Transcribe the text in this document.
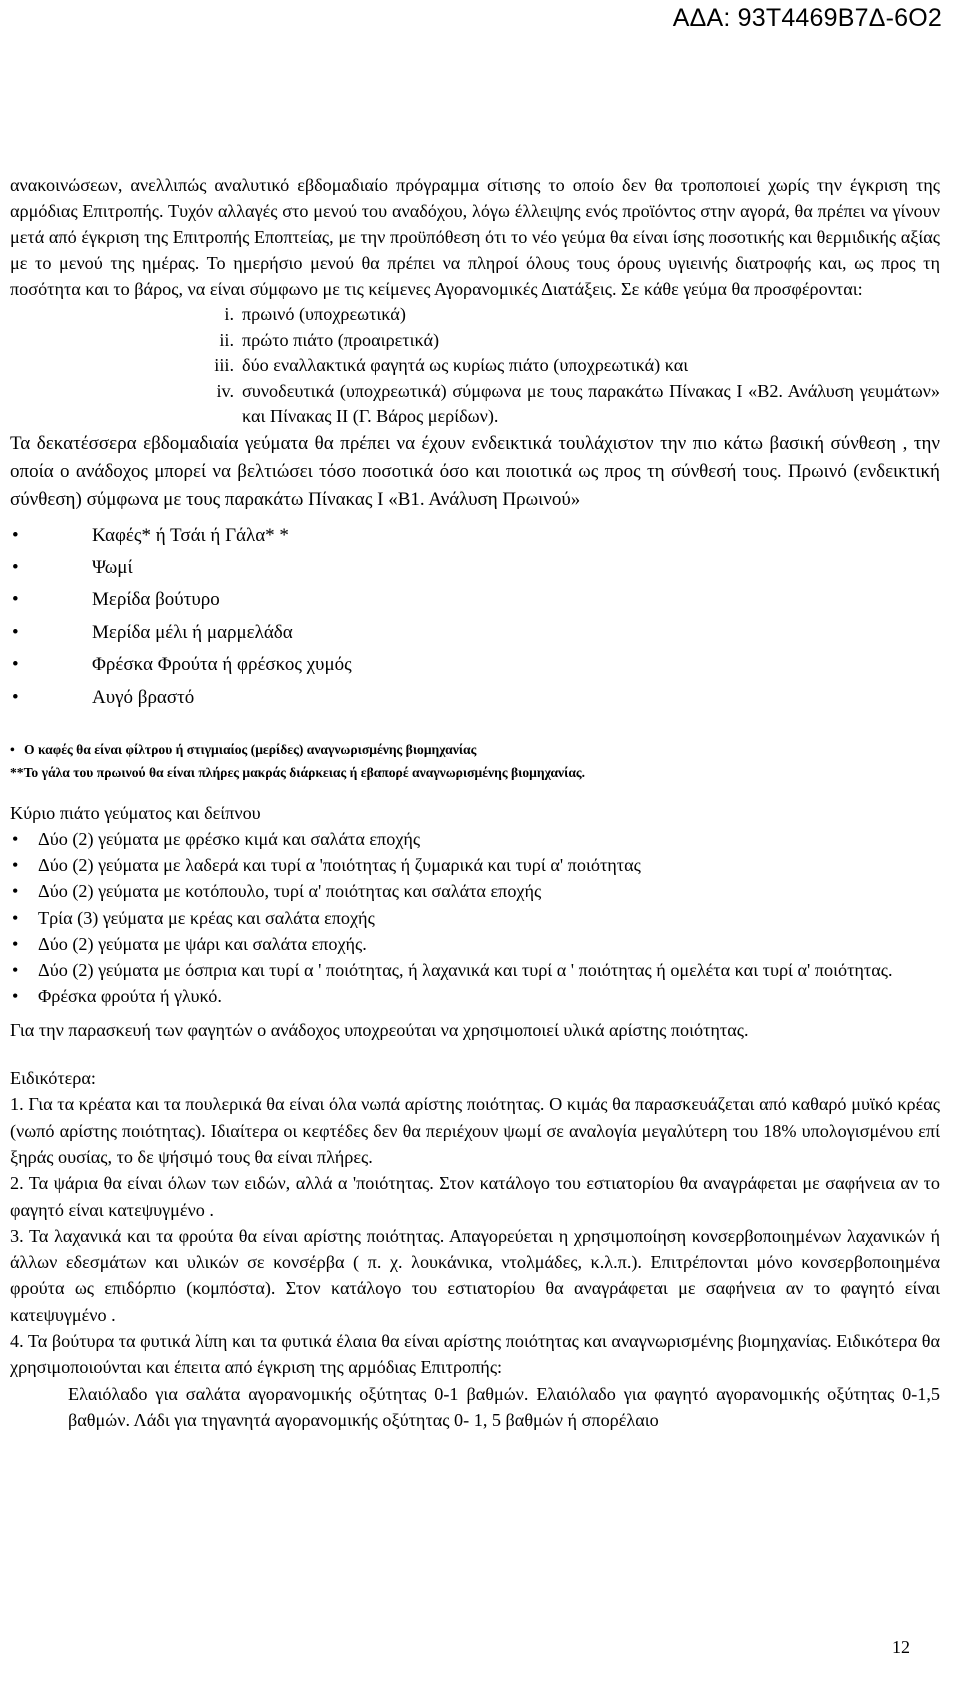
ΑΔΑ: 93Τ4469Β7Δ-6Ο2

ανακοινώσεων, ανελλιπώς αναλυτικό εβδομαδιαίο πρόγραμμα σίτισης το οποίο δεν θα τροποποιεί χωρίς την έγκριση της αρμόδιας Επιτροπής. Τυχόν αλλαγές στο μενού του αναδόχου, λόγω έλλειψης ενός προϊόντος στην αγορά, θα πρέπει να γίνουν μετά από έγκριση της Επιτροπής Εποπτείας, με την προϋπόθεση ότι το νέο γεύμα θα είναι ίσης ποσοτικής και θερμιδικής αξίας με το μενού της ημέρας. Το ημερήσιο μενού θα πρέπει να πληροί όλους τους όρους υγιεινής διατροφής και, ως προς τη ποσότητα και το βάρος, να είναι σύμφωνο με τις κείμενες Αγορανομικές Διατάξεις. Σε κάθε γεύμα θα προσφέρονται:

i. πρωινό (υποχρεωτικά)
ii. πρώτο πιάτο (προαιρετικά)
iii. δύο εναλλακτικά φαγητά ως κυρίως πιάτο (υποχρεωτικά) και
iv. συνοδευτικά (υποχρεωτικά) σύμφωνα με τους παρακάτω Πίνακας Ι «Β2. Ανάλυση γευμάτων» και Πίνακας ΙΙ (Γ. Βάρος μερίδων).

Τα δεκατέσσερα εβδομαδιαία γεύματα θα πρέπει να έχουν ενδεικτικά τουλάχιστον την πιο κάτω βασική σύνθεση , την οποία ο ανάδοχος μπορεί να βελτιώσει τόσο ποσοτικά όσο και ποιοτικά ως προς τη σύνθεσή τους. Πρωινό (ενδεικτική σύνθεση) σύμφωνα με τους παρακάτω Πίνακας Ι «Β1. Ανάλυση Πρωινού»

•	Καφές* ή Τσάι ή Γάλα* *
•	Ψωμί
•	Μερίδα βούτυρο
•	Μερίδα μέλι ή μαρμελάδα
•	Φρέσκα Φρούτα ή φρέσκος χυμός
•	Αυγό βραστό
• Ο καφές θα είναι φίλτρου ή στιγμιαίος (μερίδες) αναγνωρισμένης βιομηχανίας
**Το γάλα του πρωινού θα είναι πλήρες μακράς διάρκειας ή εβαπορέ αναγνωρισμένης βιομηχανίας.
Κύριο πιάτο γεύματος και δείπνου
• Δύο (2) γεύματα με φρέσκο κιμά και σαλάτα εποχής
• Δύο (2) γεύματα με λαδερά και τυρί α 'ποιότητας ή ζυμαρικά και τυρί α' ποιότητας
• Δύο (2) γεύματα με κοτόπουλο, τυρί α' ποιότητας και σαλάτα εποχής
• Τρία (3) γεύματα με κρέας και σαλάτα εποχής
• Δύο (2) γεύματα με ψάρι και σαλάτα εποχής.
•	Δύο (2) γεύματα με όσπρια και τυρί α ' ποιότητας, ή λαχανικά και τυρί α ' ποιότητας ή ομελέτα και τυρί α' ποιότητας.
• Φρέσκα φρούτα ή γλυκό.
Για την παρασκευή των φαγητών ο ανάδοχος υποχρεούται να χρησιμοποιεί υλικά αρίστης ποιότητας.
Ειδικότερα:

1. Για τα κρέατα και τα πουλερικά θα είναι όλα νωπά αρίστης ποιότητας. Ο κιμάς θα παρασκευάζεται από καθαρό μυϊκό κρέας (νωπό αρίστης ποιότητας). Ιδιαίτερα οι κεφτέδες δεν θα περιέχουν ψωμί σε αναλογία μεγαλύτερη του 18% υπολογισμένου επί ξηράς ουσίας, το δε ψήσιμό τους θα είναι πλήρες.

2. Τα ψάρια θα είναι όλων των ειδών, αλλά α 'ποιότητας. Στον κατάλογο του εστιατορίου θα αναγράφεται με σαφήνεια αν το φαγητό είναι κατεψυγμένο .

3. Τα λαχανικά και τα φρούτα θα είναι αρίστης ποιότητας. Απαγορεύεται η χρησιμοποίηση κονσερβοποιημένων λαχανικών ή άλλων εδεσμάτων και υλικών σε κονσέρβα ( π. χ. λουκάνικα, ντολμάδες, κ.λ.π.). Επιτρέπονται μόνο κονσερβοποιημένα φρούτα ως επιδόρπιο (κομπόστα). Στον κατάλογο του εστιατορίου θα αναγράφεται με σαφήνεια αν το φαγητό είναι κατεψυγμένο .

4. Τα βούτυρα τα φυτικά λίπη και τα φυτικά έλαια θα είναι αρίστης ποιότητας και αναγνωρισμένης βιομηχανίας. Ειδικότερα θα χρησιμοποιούνται και έπειτα από έγκριση της αρμόδιας Επιτροπής:

Ελαιόλαδο για σαλάτα αγορανομικής οξύτητας 0-1 βαθμών. Ελαιόλαδο για φαγητό αγορανομικής οξύτητας 0-1,5 βαθμών. Λάδι για τηγανητά αγορανομικής οξύτητας 0- 1, 5 βαθμών ή σπορέλαιο

12
